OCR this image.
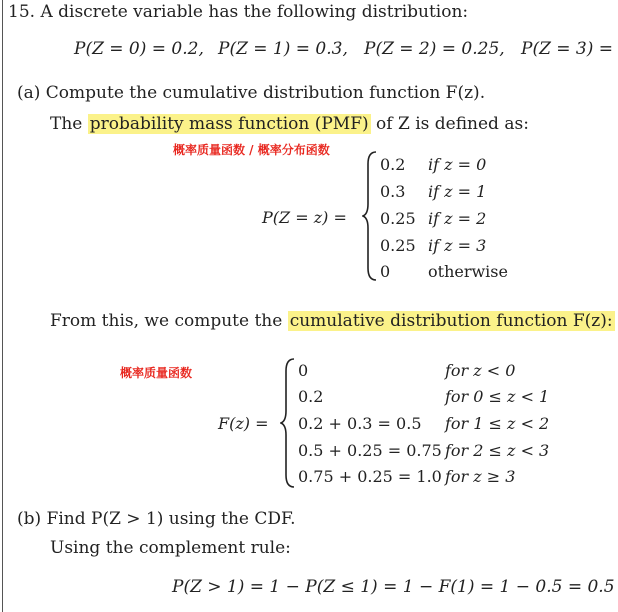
15. A discrete variable has the following distribution:
P(Z = 0) = 0.2, P(Z = 1) = 0.3, P(Z = 2) = 0.25, P(Z = 3) =
(a) Compute the cumulative distribution function F(z).
The probability mass function (PMF) of Z is defined as:
概率质量函数 / 概率分布函数
P(Z = z) =
0.2 if z = 0
0.3 if z = 1
0.25 if z = 2
0.25 if z = 3
0 otherwise
From this, we compute the cumulative distribution function F(z):
概率质量函数
F(z) =
0	for z < 0
0.2	for 0 ≤ z < 1
0.2 + 0.3 = 0.5 for 1 ≤ z < 2
0.5 + 0.25 = 0.75 for 2 ≤ z < 3
0.75 + 0.25 = 1.0 for z ≥ 3
(b) Find P(Z > 1) using the CDF.
Using the complement rule:
P(Z > 1) = 1 − P(Z ≤ 1) = 1 − F(1) = 1 − 0.5 = 0.5
